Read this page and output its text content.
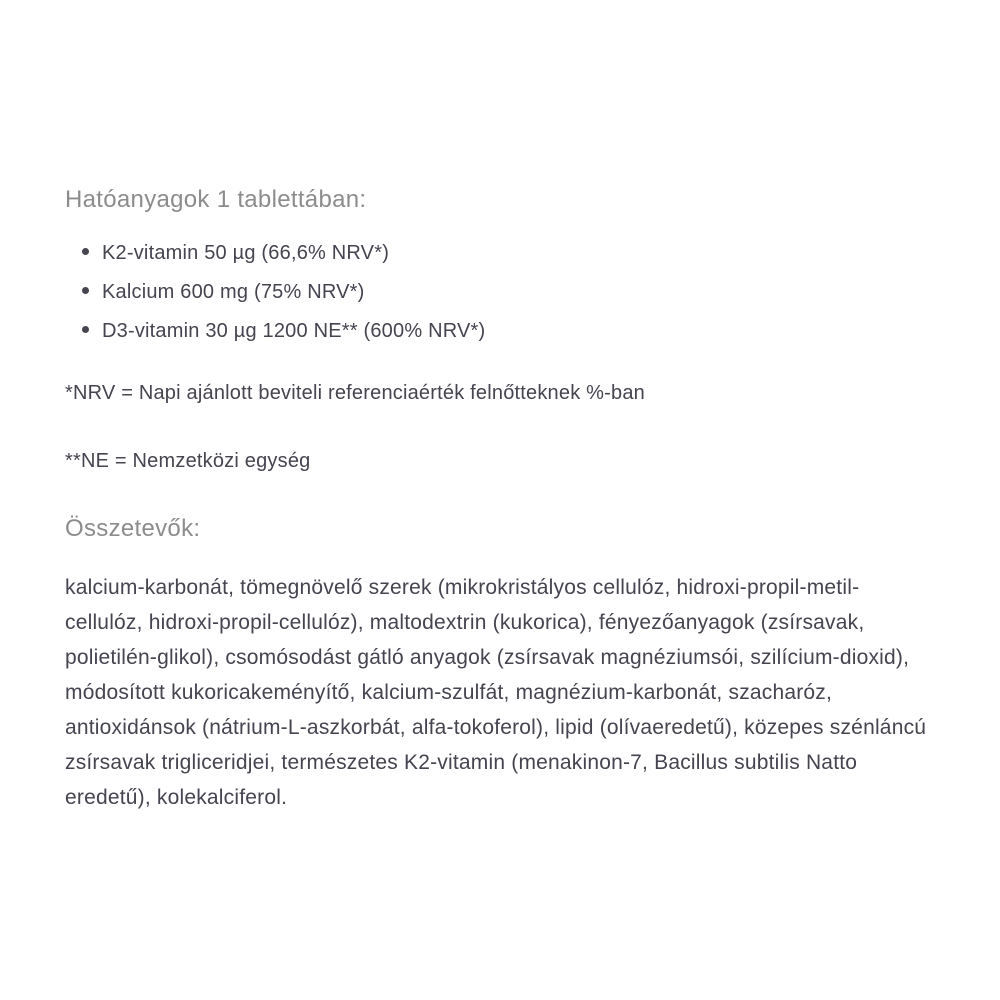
Hatóanyagok 1 tablettában:
K2-vitamin 50 µg (66,6% NRV*)
Kalcium 600 mg (75% NRV*)
D3-vitamin 30 µg 1200 NE** (600% NRV*)

*NRV = Napi ajánlott beviteli referenciaérték felnőtteknek %-ban

**NE = Nemzetközi egység

Összetevők:

kalcium-karbonát, tömegnövelő szerek (mikrokristályos cellulóz, hidroxi-propil-metil-cellulóz, hidroxi-propil-cellulóz), maltodextrin (kukorica), fényezőanyagok (zsírsavak, polietilén-glikol), csomósodást gátló anyagok (zsírsavak magnéziumsói, szilícium-dioxid), módosított kukoricakeményítő, kalcium-szulfát, magnézium-karbonát, szacharóz, antioxidánsok (nátrium-L-aszkorbát, alfa-tokoferol), lipid (olívaeredetű), közepes szénláncú zsírsavak trigliceridjei, természetes K2-vitamin (menakinon-7, Bacillus subtilis Natto eredetű), kolekalciferol.
